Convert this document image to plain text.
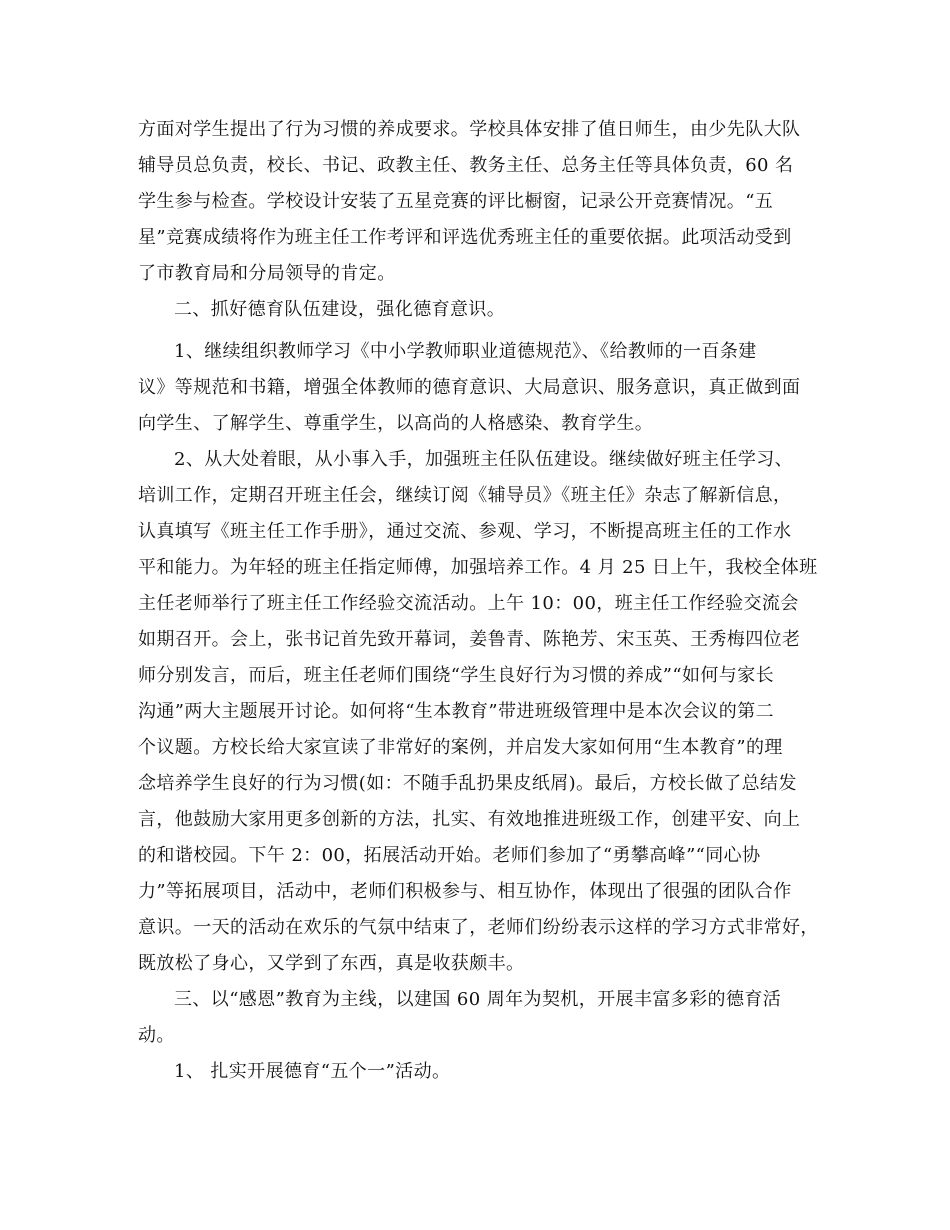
方面对学生提出了行为习惯的养成要求。学校具体安排了值日师生，由少先队大队
辅导员总负责，校长、书记、政教主任、教务主任、总务主任等具体负责，60 名
学生参与检查。学校设计安装了五星竞赛的评比橱窗，记录公开竞赛情况。“五
星”竞赛成绩将作为班主任工作考评和评选优秀班主任的重要依据。此项活动受到
了市教育局和分局领导的肯定。
二、抓好德育队伍建设，强化德育意识。
1、继续组织教师学习《中小学教师职业道德规范》、《给教师的一百条建
议》等规范和书籍，增强全体教师的德育意识、大局意识、服务意识，真正做到面
向学生、了解学生、尊重学生，以高尚的人格感染、教育学生。
2、从大处着眼，从小事入手，加强班主任队伍建设。继续做好班主任学习、
培训工作，定期召开班主任会，继续订阅《辅导员》《班主任》杂志了解新信息，
认真填写《班主任工作手册》，通过交流、参观、学习，不断提高班主任的工作水
平和能力。为年轻的班主任指定师傅，加强培养工作。4 月 25 日上午，我校全体班
主任老师举行了班主任工作经验交流活动。上午 10：00，班主任工作经验交流会
如期召开。会上，张书记首先致开幕词，姜鲁青、陈艳芳、宋玉英、王秀梅四位老
师分别发言，而后，班主任老师们围绕“学生良好行为习惯的养成”“如何与家长
沟通”两大主题展开讨论。如何将“生本教育”带进班级管理中是本次会议的第二
个议题。方校长给大家宣读了非常好的案例，并启发大家如何用“生本教育”的理
念培养学生良好的行为习惯(如：不随手乱扔果皮纸屑)。最后，方校长做了总结发
言，他鼓励大家用更多创新的方法，扎实、有效地推进班级工作，创建平安、向上
的和谐校园。下午 2：00，拓展活动开始。老师们参加了“勇攀高峰”“同心协
力”等拓展项目，活动中，老师们积极参与、相互协作，体现出了很强的团队合作
意识。一天的活动在欢乐的气氛中结束了，老师们纷纷表示这样的学习方式非常好，
既放松了身心，又学到了东西，真是收获颇丰。
三、以“感恩”教育为主线，以建国 60 周年为契机，开展丰富多彩的德育活
动。
1、 扎实开展德育“五个一”活动。
